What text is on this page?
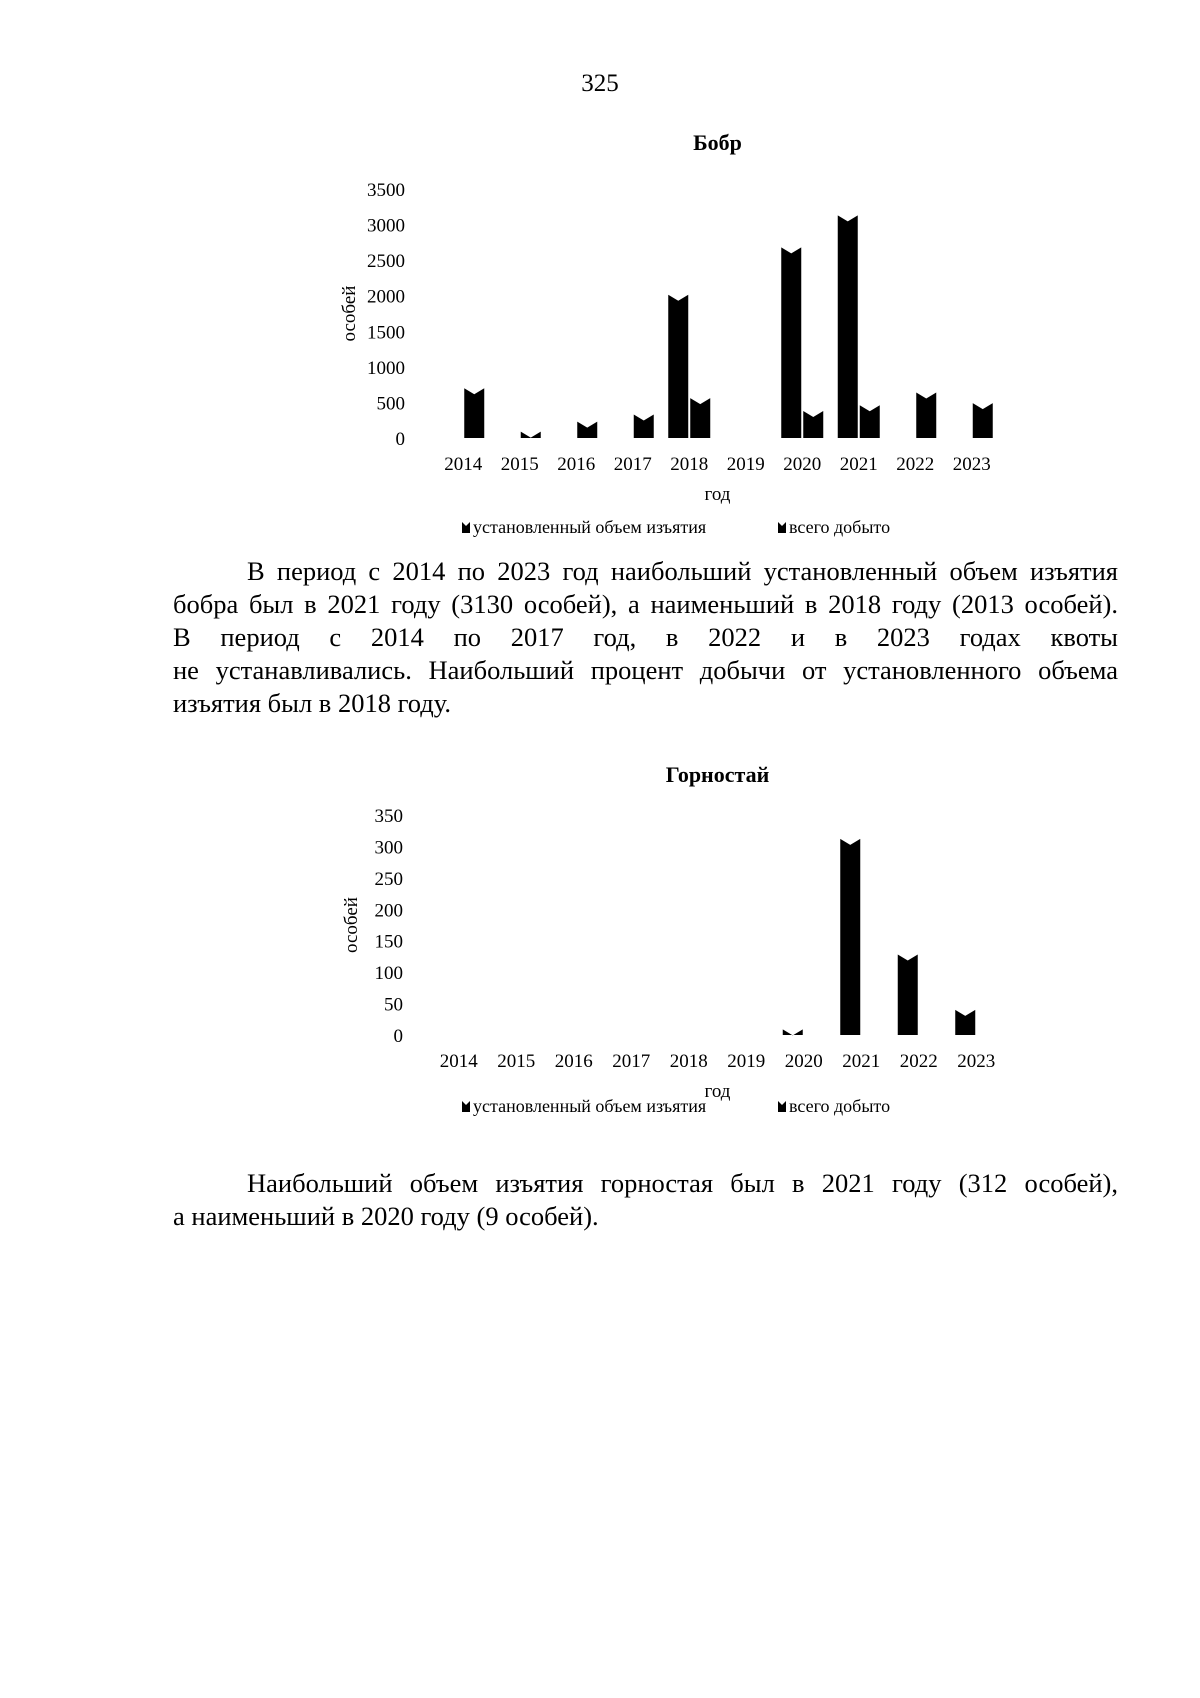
325
Бобр
0
500
1000
1500
2000
2500
3000
3500
особей
2014 2015 2016 2017 2018 2019 2020 2021 2022 2023
год
установленный объем изъятия	всего добыто

В период с 2014 по 2023 год наибольший установленный объем изъятия
бобра был в 2021 году (3130 особей), а наименьший в 2018 году (2013 особей).
В период с 2014 по 2017 год, в 2022 и в 2023 годах квоты
не устанавливались. Наибольший процент добычи от установленного объема
изъятия был в 2018 году.

Горностай
0
50
100
150
200
250
300
350
особей
2014 2015 2016 2017 2018 2019 2020 2021 2022 2023
год
установленный объем изъятия	всего добыто

Наибольший объем изъятия горностая был в 2021 году (312 особей),
а наименьший в 2020 году (9 особей).
